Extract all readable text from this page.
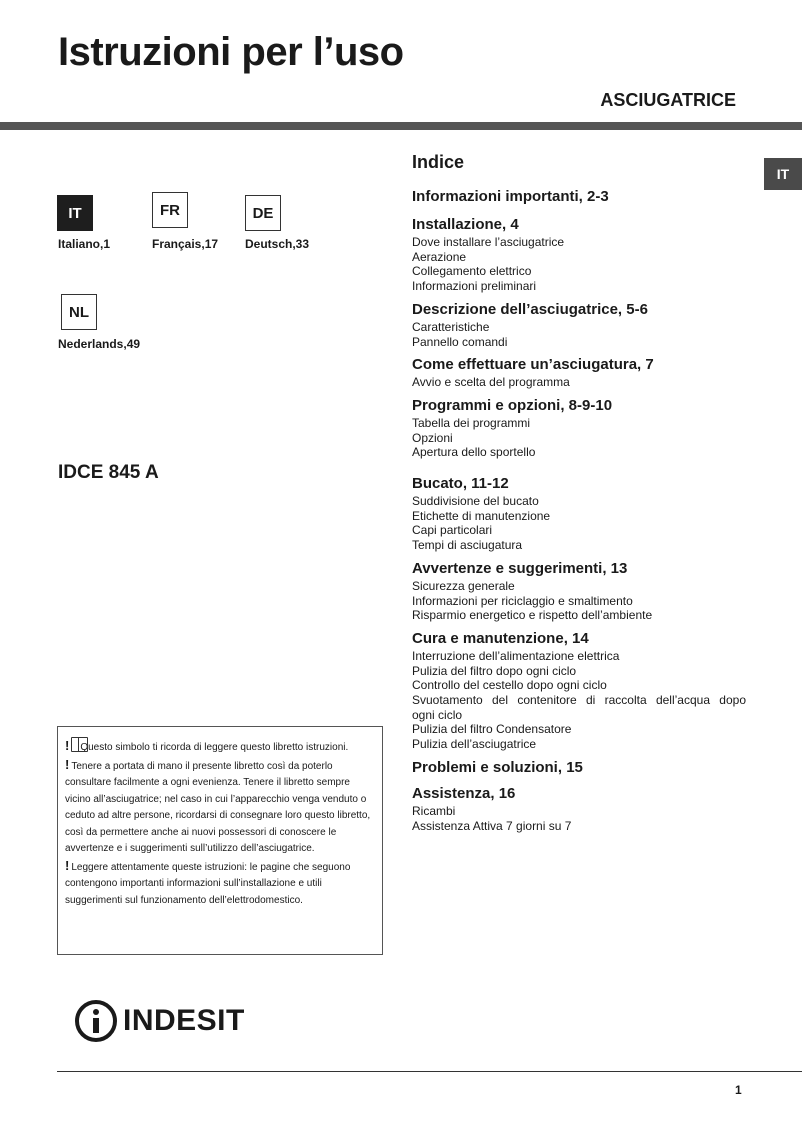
Istruzioni per l’uso
ASCIUGATRICE
IT
IT
Italiano,1
FR
Français,17
DE
Deutsch,33
NL
Nederlands,49
IDCE 845 A

! Questo simbolo ti ricorda di leggere questo libretto istruzioni.

! Tenere a portata di mano il presente libretto così da poterlo consultare facilmente a ogni evenienza. Tenere il libretto sempre vicino all’asciugatrice; nel caso in cui l’apparecchio venga venduto o ceduto ad altre persone, ricordarsi di consegnare loro questo libretto, così da permettere anche ai nuovi possessori di conoscere le avvertenze e i suggerimenti sull’utilizzo dell’asciugatrice.

! Leggere attentamente queste istruzioni: le pagine che seguono contengono importanti informazioni sull’installazione e utili suggerimenti sul funzionamento dell’elettrodomestico.

INDESIT
1
Indice
Informazioni importanti, 2-3
Installazione, 4
Dove installare l’asciugatrice
Aerazione
Collegamento elettrico
Informazioni preliminari
Descrizione dell’asciugatrice, 5-6
Caratteristiche
Pannello comandi
Come effettuare un’asciugatura, 7
Avvio e scelta del programma
Programmi e opzioni, 8-9-10
Tabella dei programmi
Opzioni
Apertura dello sportello
Bucato, 11-12
Suddivisione del bucato
Etichette di manutenzione
Capi particolari
Tempi di asciugatura
Avvertenze e suggerimenti, 13
Sicurezza generale
Informazioni per riciclaggio e smaltimento
Risparmio energetico e rispetto dell’ambiente
Cura e manutenzione, 14
Interruzione dell’alimentazione elettrica
Pulizia del filtro dopo ogni ciclo
Controllo del cestello dopo ogni ciclo
Svuotamento del contenitore di raccolta dell’acqua dopo
ogni ciclo
Pulizia del filtro Condensatore
Pulizia dell’asciugatrice
Problemi e soluzioni, 15
Assistenza, 16
Ricambi
Assistenza Attiva 7 giorni su 7
